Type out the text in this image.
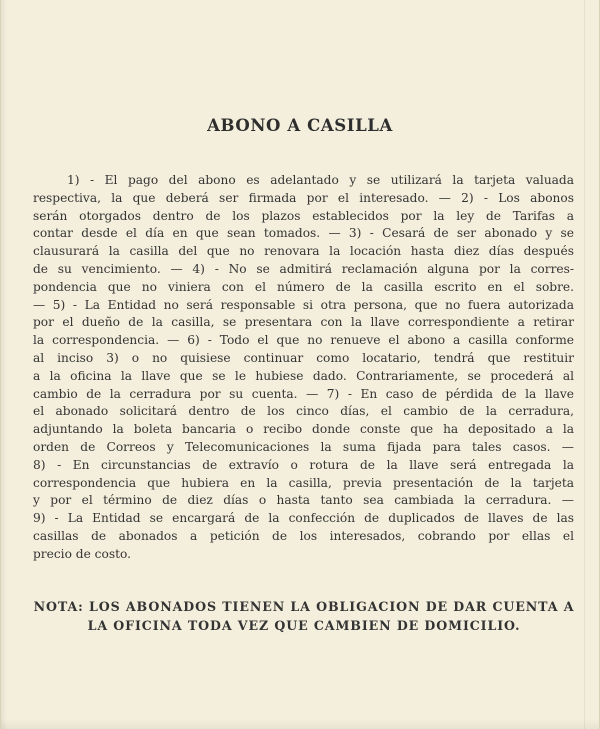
ABONO A CASILLA
1) - El pago del abono es adelantado y se utilizará la tarjeta valuada
respectiva, la que deberá ser firmada por el interesado. — 2) - Los abonos
serán otorgados dentro de los plazos establecidos por la ley de Tarifas a
contar desde el día en que sean tomados. — 3) - Cesará de ser abonado y se
clausurará la casilla del que no renovara la locación hasta diez días después
de su vencimiento. — 4) - No se admitirá reclamación alguna por la corres-
pondencia que no viniera con el número de la casilla escrito en el sobre.
— 5) - La Entidad no será responsable si otra persona, que no fuera autorizada
por el dueño de la casilla, se presentara con la llave correspondiente a retirar
la correspondencia. — 6) - Todo el que no renueve el abono a casilla conforme
al inciso 3) o no quisiese continuar como locatario, tendrá que restituir
a la oficina la llave que se le hubiese dado. Contrariamente, se procederá al
cambio de la cerradura por su cuenta. — 7) - En caso de pérdida de la llave
el abonado solicitará dentro de los cinco días, el cambio de la cerradura,
adjuntando la boleta bancaria o recibo donde conste que ha depositado a la
orden de Correos y Telecomunicaciones la suma fijada para tales casos. —
8) - En circunstancias de extravío o rotura de la llave será entregada la
correspondencia que hubiera en la casilla, previa presentación de la tarjeta
y por el término de diez días o hasta tanto sea cambiada la cerradura. —
9) - La Entidad se encargará de la confección de duplicados de llaves de las
casillas de abonados a petición de los interesados, cobrando por ellas el
precio de costo.
NOTA: LOS ABONADOS TIENEN LA OBLIGACION DE DAR CUENTA A
LA OFICINA TODA VEZ QUE CAMBIEN DE DOMICILIO.
